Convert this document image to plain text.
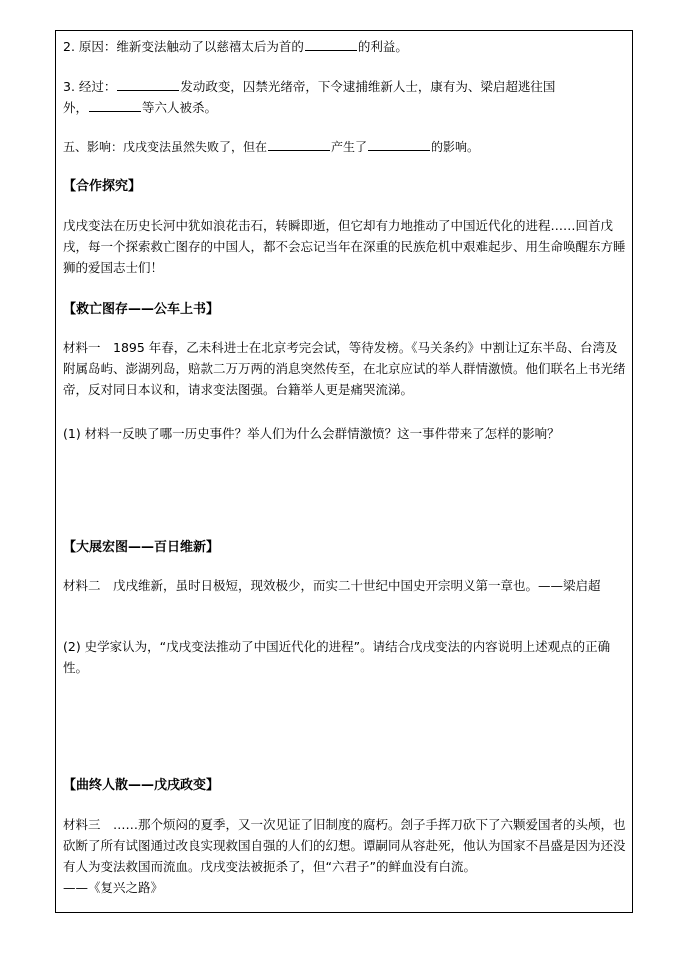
2. 原因：维新变法触动了以慈禧太后为首的	的利益。

3. 经过：	发动政变，囚禁光绪帝，下令逮捕维新人士，康有为、梁启超逃往国

外，	等六人被杀。

五、影响：戊戌变法虽然失败了，但在	产生了	的影响。

【合作探究】

戊戌变法在历史长河中犹如浪花击石，转瞬即逝，但它却有力地推动了中国近代化的进程……回首戊戌，每一个探索救亡图存的中国人，都不会忘记当年在深重的民族危机中艰难起步、用生命唤醒东方睡狮的爱国志士们！

【救亡图存——公车上书】

材料一　1895 年春，乙未科进士在北京考完会试，等待发榜。《马关条约》中割让辽东半岛、台湾及附属岛屿、澎湖列岛，赔款二万万两的消息突然传至，在北京应试的举人群情激愤。他们联名上书光绪帝，反对同日本议和，请求变法图强。台籍举人更是痛哭流涕。

(1) 材料一反映了哪一历史事件？举人们为什么会群情激愤？这一事件带来了怎样的影响？

【大展宏图——百日维新】

材料二　戊戌维新，虽时日极短，现效极少，而实二十世纪中国史开宗明义第一章也。——梁启超

(2) 史学家认为，“戊戌变法推动了中国近代化的进程”。请结合戊戌变法的内容说明上述观点的正确性。

【曲终人散——戊戌政变】

材料三　……那个烦闷的夏季，又一次见证了旧制度的腐朽。刽子手挥刀砍下了六颗爱国者的头颅，也砍断了所有试图通过改良实现救国自强的人们的幻想。谭嗣同从容赴死，他认为国家不昌盛是因为还没有人为变法救国而流血。戊戌变法被扼杀了，但“六君子”的鲜血没有白流。

——《复兴之路》
